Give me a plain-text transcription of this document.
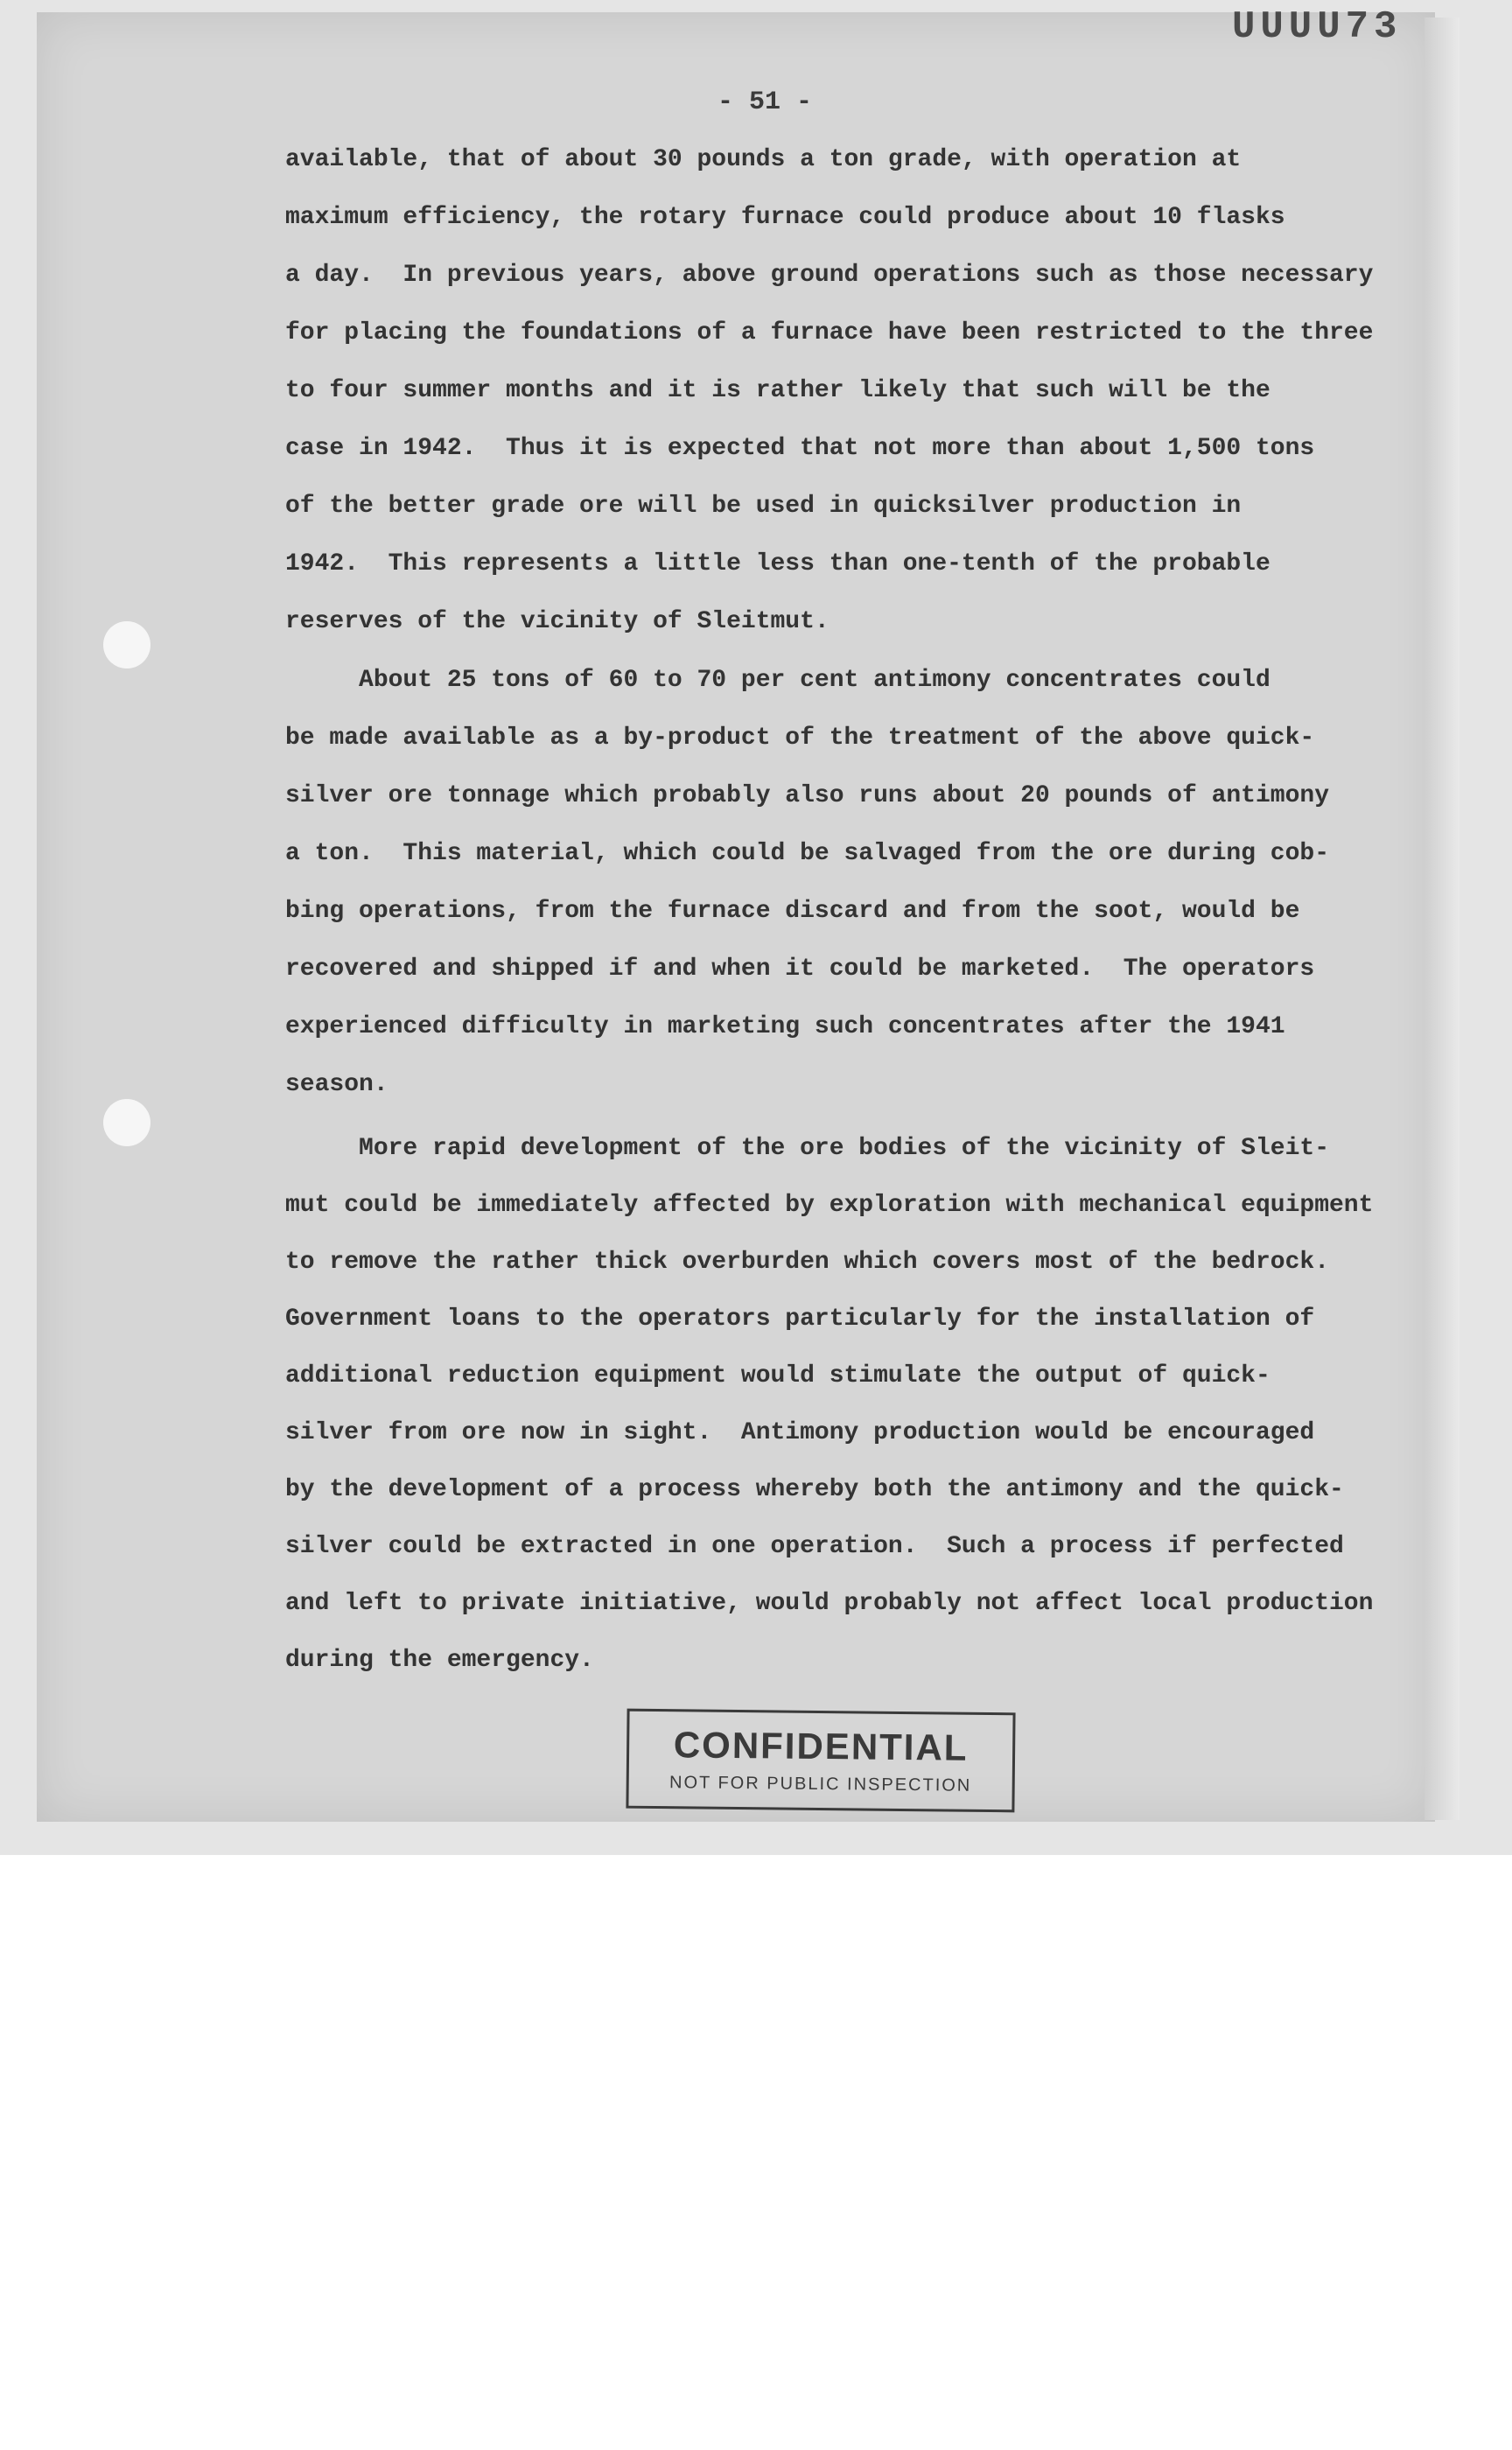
UUUU73
- 51 -
available, that of about 30 pounds a ton grade, with operation at
maximum efficiency, the rotary furnace could produce about 10 flasks
a day.  In previous years, above ground operations such as those necessary
for placing the foundations of a furnace have been restricted to the three
to four summer months and it is rather likely that such will be the
case in 1942.  Thus it is expected that not more than about 1,500 tons
of the better grade ore will be used in quicksilver production in
1942.  This represents a little less than one-tenth of the probable
reserves of the vicinity of Sleitmut.
About 25 tons of 60 to 70 per cent antimony concentrates could
be made available as a by-product of the treatment of the above quick-
silver ore tonnage which probably also runs about 20 pounds of antimony
a ton.  This material, which could be salvaged from the ore during cob-
bing operations, from the furnace discard and from the soot, would be
recovered and shipped if and when it could be marketed.  The operators
experienced difficulty in marketing such concentrates after the 1941
season.
More rapid development of the ore bodies of the vicinity of Sleit-
mut could be immediately affected by exploration with mechanical equipment
to remove the rather thick overburden which covers most of the bedrock.
Government loans to the operators particularly for the installation of
additional reduction equipment would stimulate the output of quick-
silver from ore now in sight.  Antimony production would be encouraged
by the development of a process whereby both the antimony and the quick-
silver could be extracted in one operation.  Such a process if perfected
and left to private initiative, would probably not affect local production
during the emergency.
CONFIDENTIAL
NOT FOR PUBLIC INSPECTION
